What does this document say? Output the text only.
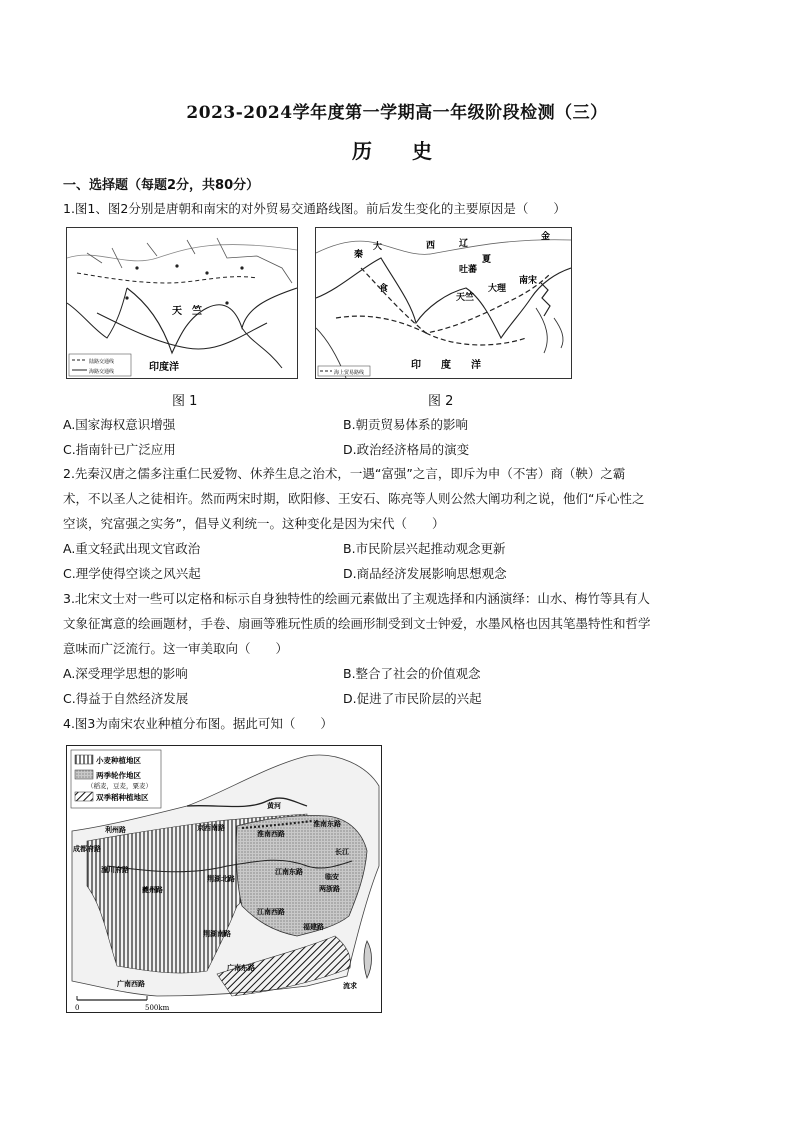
2023-2024学年度第一学期高一年级阶段检测（三）
历　史
一、选择题（每题2分，共80分）
1.图1、图2分别是唐朝和南宋的对外贸易交通路线图。前后发生变化的主要原因是（　　）
天　竺
印度洋
陆路交通线
海路交通线
图 1
西	辽
金
秦	夏
大
吐蕃
食	大理
南宋
天竺
印　　度　　洋
海上贸易路线
图 2
A.国家海权意识增强	B.朝贡贸易体系的影响
C.指南针已广泛应用	D.政治经济格局的演变
2.先秦汉唐之儒多注重仁民爱物、休养生息之治术，一遇“富强”之言，即斥为申（不害）商（鞅）之霸
术，不以圣人之徒相许。然而两宋时期，欧阳修、王安石、陈亮等人则公然大阐功利之说，他们“斥心性之
空谈，究富强之实务”，倡导义利统一。这种变化是因为宋代（　　）
A.重文轻武出现文官政治	B.市民阶层兴起推动观念更新
C.理学使得空谈之风兴起	D.商品经济发展影响思想观念
3.北宋文士对一些可以定格和标示自身独特性的绘画元素做出了主观选择和内涵演绎：山水、梅竹等具有人
文象征寓意的绘画题材，手卷、扇画等雅玩性质的绘画形制受到文士钟爱，水墨风格也因其笔墨特性和哲学
意味而广泛流行。这一审美取向（　　）
A.深受理学思想的影响	B.整合了社会的价值观念
C.得益于自然经济发展	D.促进了市民阶层的兴起
4.图3为南宋农业种植分布图。据此可知（　　）
小麦种植地区
两季轮作地区
（稻麦，豆麦，粟麦）
双季稻种植地区
淮南东路
淮南西路
京西南路
利州路
成都府路
潼川府路
夔州路
荆湖北路
荆湖南路
江南东路
江南西路
两浙路
福建路
广南西路
广南东路
临安
黄河
长江
流求
0	500km
